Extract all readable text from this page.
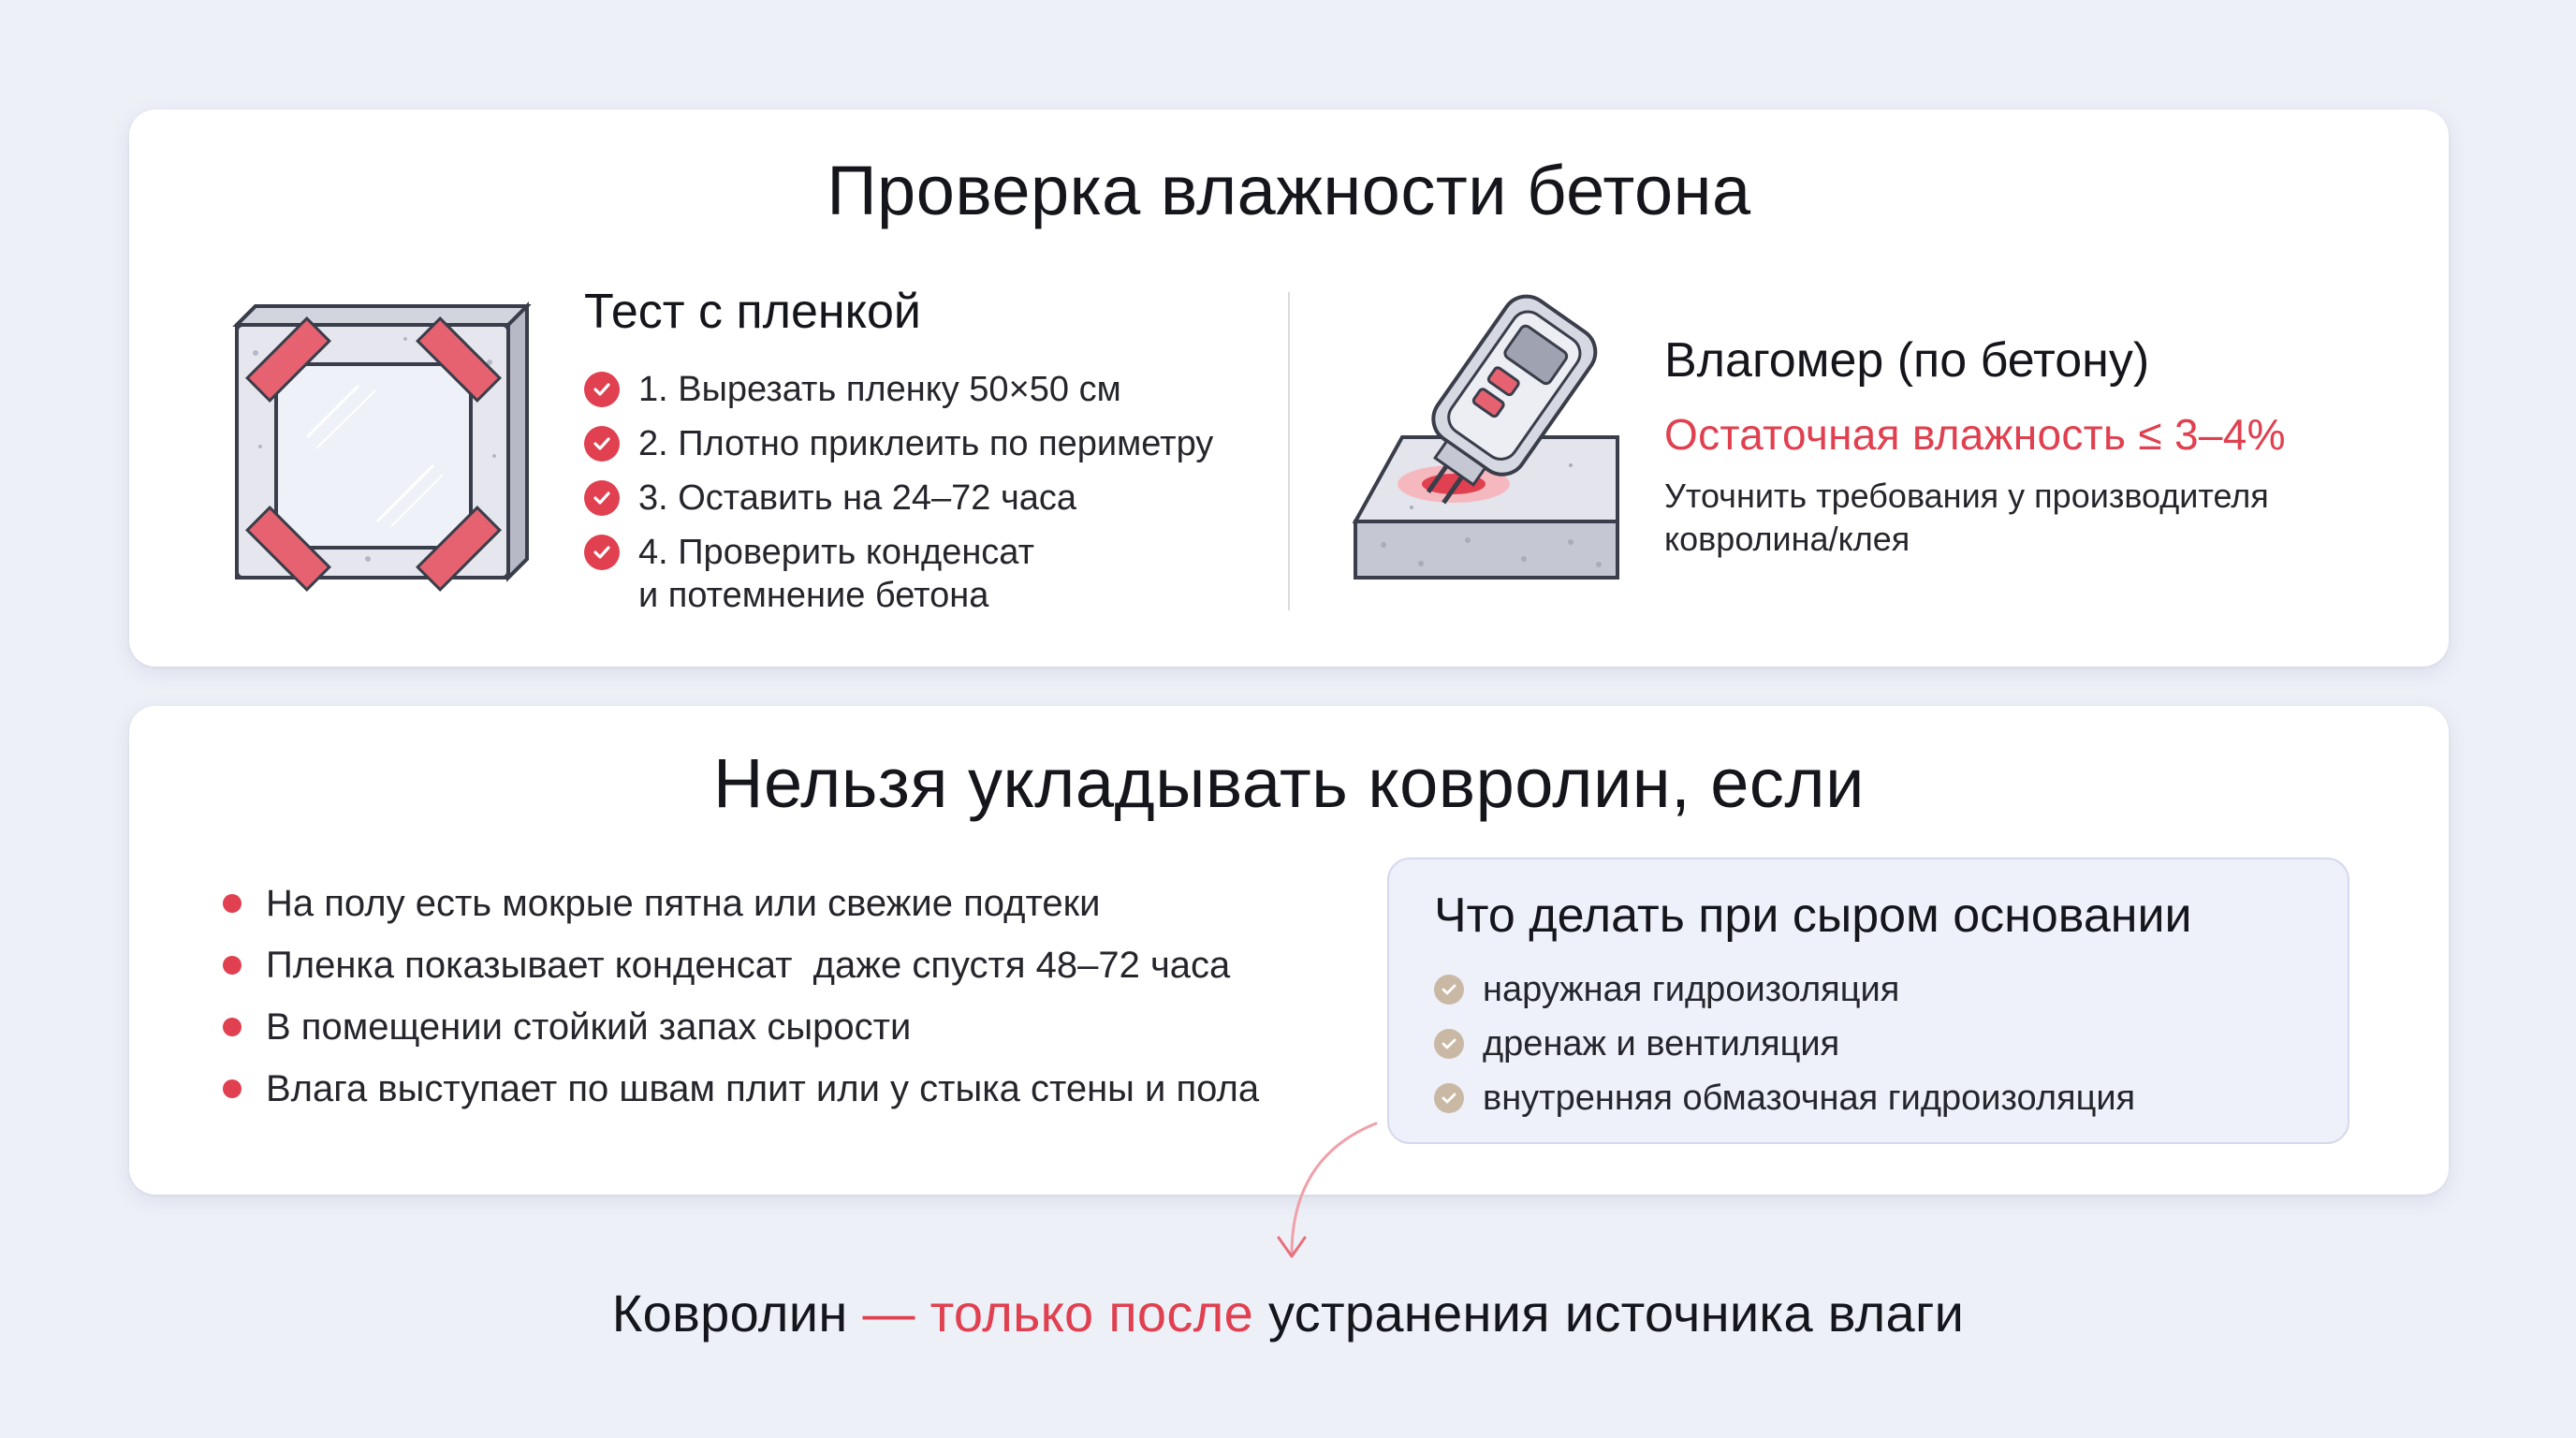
Проверка влажности бетона
Тест с пленкой
1. Вырезать пленку 50×50 см
2. Плотно приклеить по периметру
3. Оставить на 24–72 часа
4. Проверить конденсат
и потемнение бетона
Влагомер (по бетону)
Остаточная влажность ≤ 3–4%
Уточнить требования у производителя
ковролина/клея
Нельзя укладывать ковролин, если
На полу есть мокрые пятна или свежие подтеки
Пленка показывает конденсат  даже спустя 48–72 часа
В помещении стойкий запах сырости
Влага выступает по швам плит или у стыка стены и пола
Что делать при сыром основании
наружная гидроизоляция
дренаж и вентиляция
внутренняя обмазочная гидроизоляция
Ковролин — только после устранения источника влаги
